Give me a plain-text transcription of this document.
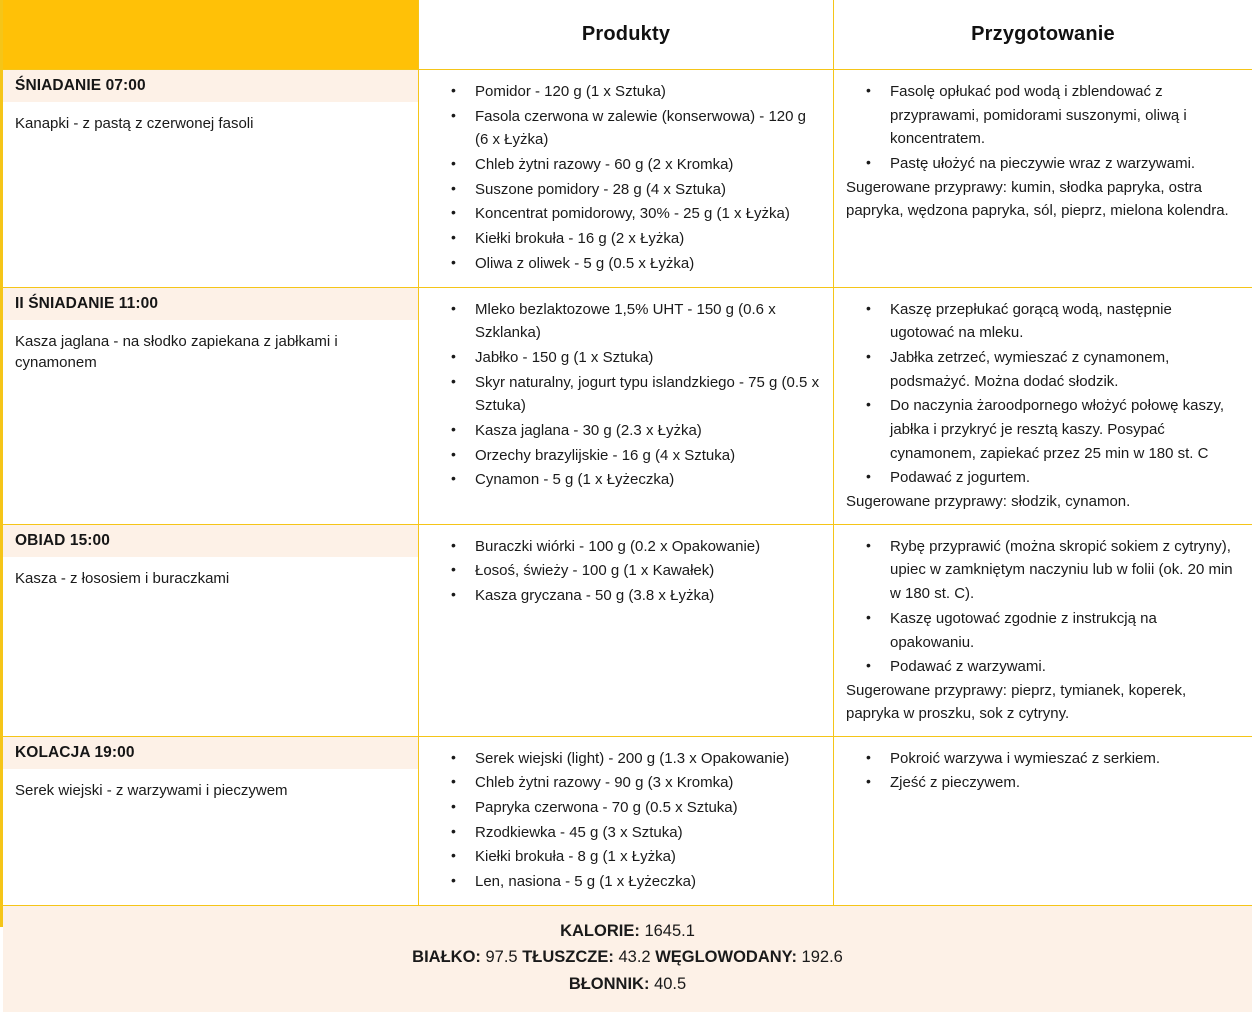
Produkty	Przygotowanie
ŚNIADANIE 07:00
Kanapki - z pastą z czerwonej fasoli
• Pomidor - 120 g (1 x Sztuka)
• Fasola czerwona w zalewie (konserwowa) - 120 g (6 x Łyżka)
• Chleb żytni razowy - 60 g (2 x Kromka)
• Suszone pomidory - 28 g (4 x Sztuka)
• Koncentrat pomidorowy, 30% - 25 g (1 x Łyżka)
• Kiełki brokuła - 16 g (2 x Łyżka)
• Oliwa z oliwek - 5 g (0.5 x Łyżka)
• Fasolę opłukać pod wodą i zblendować z przyprawami, pomidorami suszonymi, oliwą i koncentratem.
• Pastę ułożyć na pieczywie wraz z warzywami.

Sugerowane przyprawy: kumin, słodka papryka, ostra papryka, wędzona papryka, sól, pieprz, mielona kolendra.

II ŚNIADANIE 11:00
Kasza jaglana - na słodko zapiekana z jabłkami i cynamonem
• Mleko bezlaktozowe 1,5% UHT - 150 g (0.6 x Szklanka)
• Jabłko - 150 g (1 x Sztuka)
• Skyr naturalny, jogurt typu islandzkiego - 75 g (0.5 x Sztuka)
• Kasza jaglana - 30 g (2.3 x Łyżka)
• Orzechy brazylijskie - 16 g (4 x Sztuka)
• Cynamon - 5 g (1 x Łyżeczka)
• Kaszę przepłukać gorącą wodą, następnie ugotować na mleku.
• Jabłka zetrzeć, wymieszać z cynamonem, podsmażyć. Można dodać słodzik.
• Do naczynia żaroodpornego włożyć połowę kaszy, jabłka i przykryć je resztą kaszy. Posypać cynamonem, zapiekać przez 25 min w 180 st. C
• Podawać z jogurtem.

Sugerowane przyprawy: słodzik, cynamon.

OBIAD 15:00
Kasza - z łososiem i buraczkami
• Buraczki wiórki - 100 g (0.2 x Opakowanie)
• Łosoś, świeży - 100 g (1 x Kawałek)
• Kasza gryczana - 50 g (3.8 x Łyżka)
• Rybę przyprawić (można skropić sokiem z cytryny), upiec w zamkniętym naczyniu lub w folii (ok. 20 min w 180 st. C).
• Kaszę ugotować zgodnie z instrukcją na opakowaniu.
• Podawać z warzywami.

Sugerowane przyprawy: pieprz, tymianek, koperek, papryka w proszku, sok z cytryny.

KOLACJA 19:00
Serek wiejski - z warzywami i pieczywem
• Serek wiejski (light) - 200 g (1.3 x Opakowanie)
• Chleb żytni razowy - 90 g (3 x Kromka)
• Papryka czerwona - 70 g (0.5 x Sztuka)
• Rzodkiewka - 45 g (3 x Sztuka)
• Kiełki brokuła - 8 g (1 x Łyżka)
• Len, nasiona - 5 g (1 x Łyżeczka)
• Pokroić warzywa i wymieszać z serkiem.
• Zjeść z pieczywem.
KALORIE: 1645.1
BIAŁKO: 97.5 TŁUSZCZE: 43.2 WĘGLOWODANY: 192.6
BŁONNIK: 40.5
